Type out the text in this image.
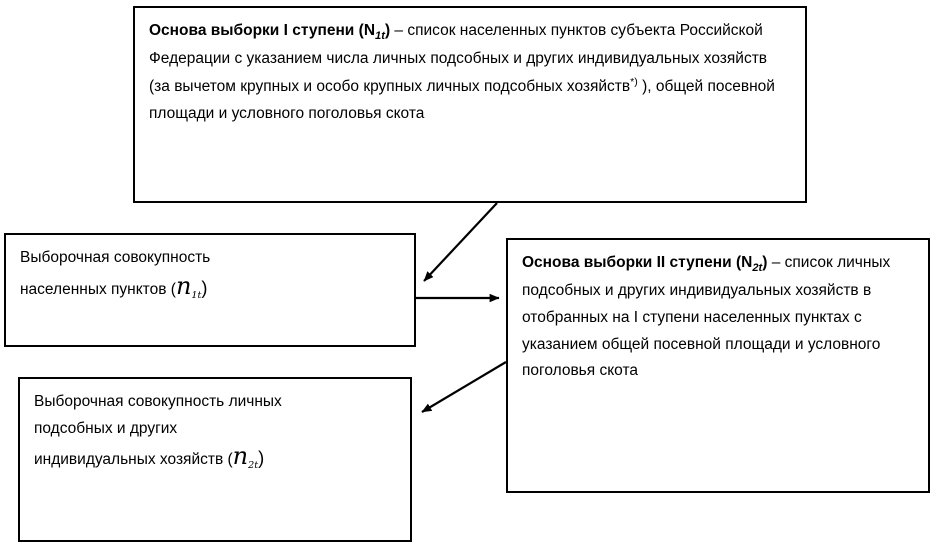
Основа выборки I ступени $(N_{1t})$ – список населенных пунктов субъекта Российской Федерации с указанием числа личных подсобных и других индивидуальных хозяйств (за вычетом крупных и особо крупных личных подсобных хозяйств*) ), общей посевной площади и условного поголовья скота
Выборочная совокупность
населенных пунктов $(n_{1t})$
Основа выборки II ступени $(N_{2t})$ – список личных подсобных и других индивидуальных хозяйств в отобранных на I ступени населенных пунктах с указанием общей посевной площади и условного поголовья скота
Выборочная совокупность личных
подсобных и других
индивидуальных хозяйств $(n_{2t})$
